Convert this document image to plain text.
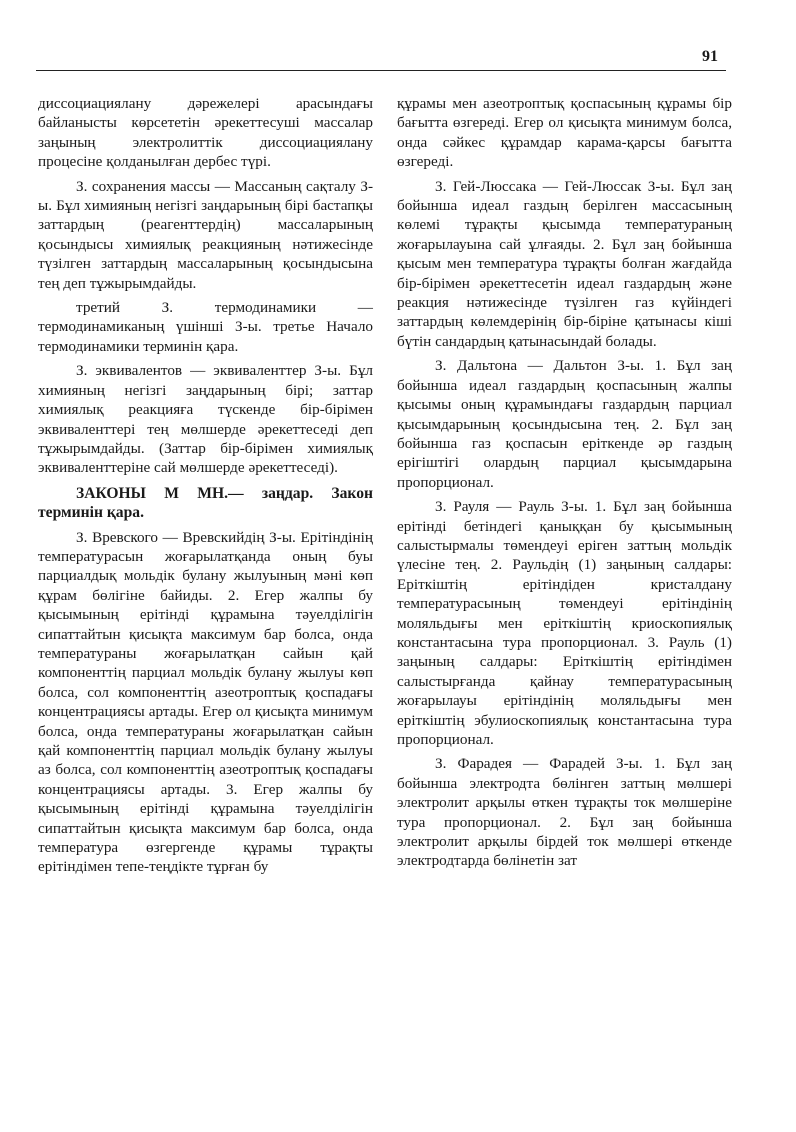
91

диссоциациялану дәрежелері арасындағы байланысты көрсететін әрекеттесуші массалар заңының электролиттік диссоциациялану процесіне қолданылған дербес түрі.

З. сохранения массы — Массаның сақталу З-ы. Бұл химияның негізгі заңдарының бірі бастапқы заттардың (реагенттердің) массаларының қосындысы химиялық реакцияның нәтижесінде түзілген заттардың массаларының қосындысына тең деп тұжырымдайды.

третий З. термодинамики — термодинамиканың үшінші З-ы. третье Начало термодинамики терминін қара.

З. эквивалентов — эквиваленттер З-ы. Бұл химияның негізгі заңдарының бірі; заттар химиялық реакцияға түскенде бір-бірімен эквиваленттері тең мөлшерде әрекеттеседі деп тұжырымдайды. (Заттар бір-бірімен химиялық эквиваленттеріне сай мөлшерде әрекеттеседі).

ЗАКОНЫ М МН.— заңдар. Закон терминін қара.

З. Вревского — Вревскийдің З-ы. Ерітіндінің температурасын жоғарылатқанда оның буы парциалдық мольдік булану жылуының мәні көп құрам бөлігіне байиды. 2. Егер жалпы бу қысымының ерітінді құрамына тәуелділігін сипаттайтын қисықта максимум бар болса, онда температураны жоғарылатқан сайын қай компоненттің парциал мольдік булану жылуы көп болса, сол компоненттің азеотроптық қоспадағы концентрациясы артады. Егер ол қисықта минимум болса, онда температураны жоғарылатқан сайын қай компоненттің парциал мольдік булану жылуы аз болса, сол компоненттің азеотроптық қоспадағы концентрациясы артады. 3. Егер жалпы бу қысымының ерітінді құрамына тәуелділігін сипаттайтын қисықта максимум бар болса, онда температура өзгергенде құрамы тұрақты ерітіндімен тепе-теңдікте тұрған бу

құрамы мен азеотроптық қоспасының құрамы бір бағытта өзгереді. Егер ол қисықта минимум болса, онда сәйкес құрамдар карама-қарсы бағытта өзгереді.

З. Гей-Люссака — Гей-Люссак З-ы. Бұл заң бойынша идеал газдың берілген массасының көлемі тұрақты қысымда температураның жоғарылауына сай ұлғаяды. 2. Бұл заң бойынша қысым мен температура тұрақты болған жағдайда бір-бірімен әрекеттесетін идеал газдардың және реакция нәтижесінде түзілген газ күйіндегі заттардың көлемдерінің бір-біріне қатынасы кіші бүтін сандардың қатынасындай болады.

З. Дальтона — Дальтон З-ы. 1. Бұл заң бойынша идеал газдардың қоспасының жалпы қысымы оның құрамындағы газдардың парциал қысымдарының қосындысына тең. 2. Бұл заң бойынша газ қоспасын еріткенде әр газдың ерігіштігі олардың парциал қысымдарына пропорционал.

З. Рауля — Рауль З-ы. 1. Бұл заң бойынша ерітінді бетіндегі қаныққан бу қысымының салыстырмалы төмендеуі еріген заттың мольдік үлесіне тең. 2. Раульдің (1) заңының салдары: Еріткіштің ерітіндіден кристалдану температурасының төмендеуі ерітіндінің моляльдығы мен еріткіштің криоскопиялық константасына тура пропорционал. 3. Рауль (1) заңының салдары: Еріткіштің ерітіндімен салыстырғанда қайнау температурасының жоғарылауы ерітіндінің моляльдығы мен еріткіштің эбулиоскопиялық константасына тура пропорционал.

З. Фарадея — Фарадей З-ы. 1. Бұл заң бойынша электродта бөлінген заттың мөлшері электролит арқылы өткен тұрақты ток мөлшеріне тура пропорционал. 2. Бұл заң бойынша электролит арқылы бірдей ток мөлшері өткенде электродтарда бөлінетін зат
